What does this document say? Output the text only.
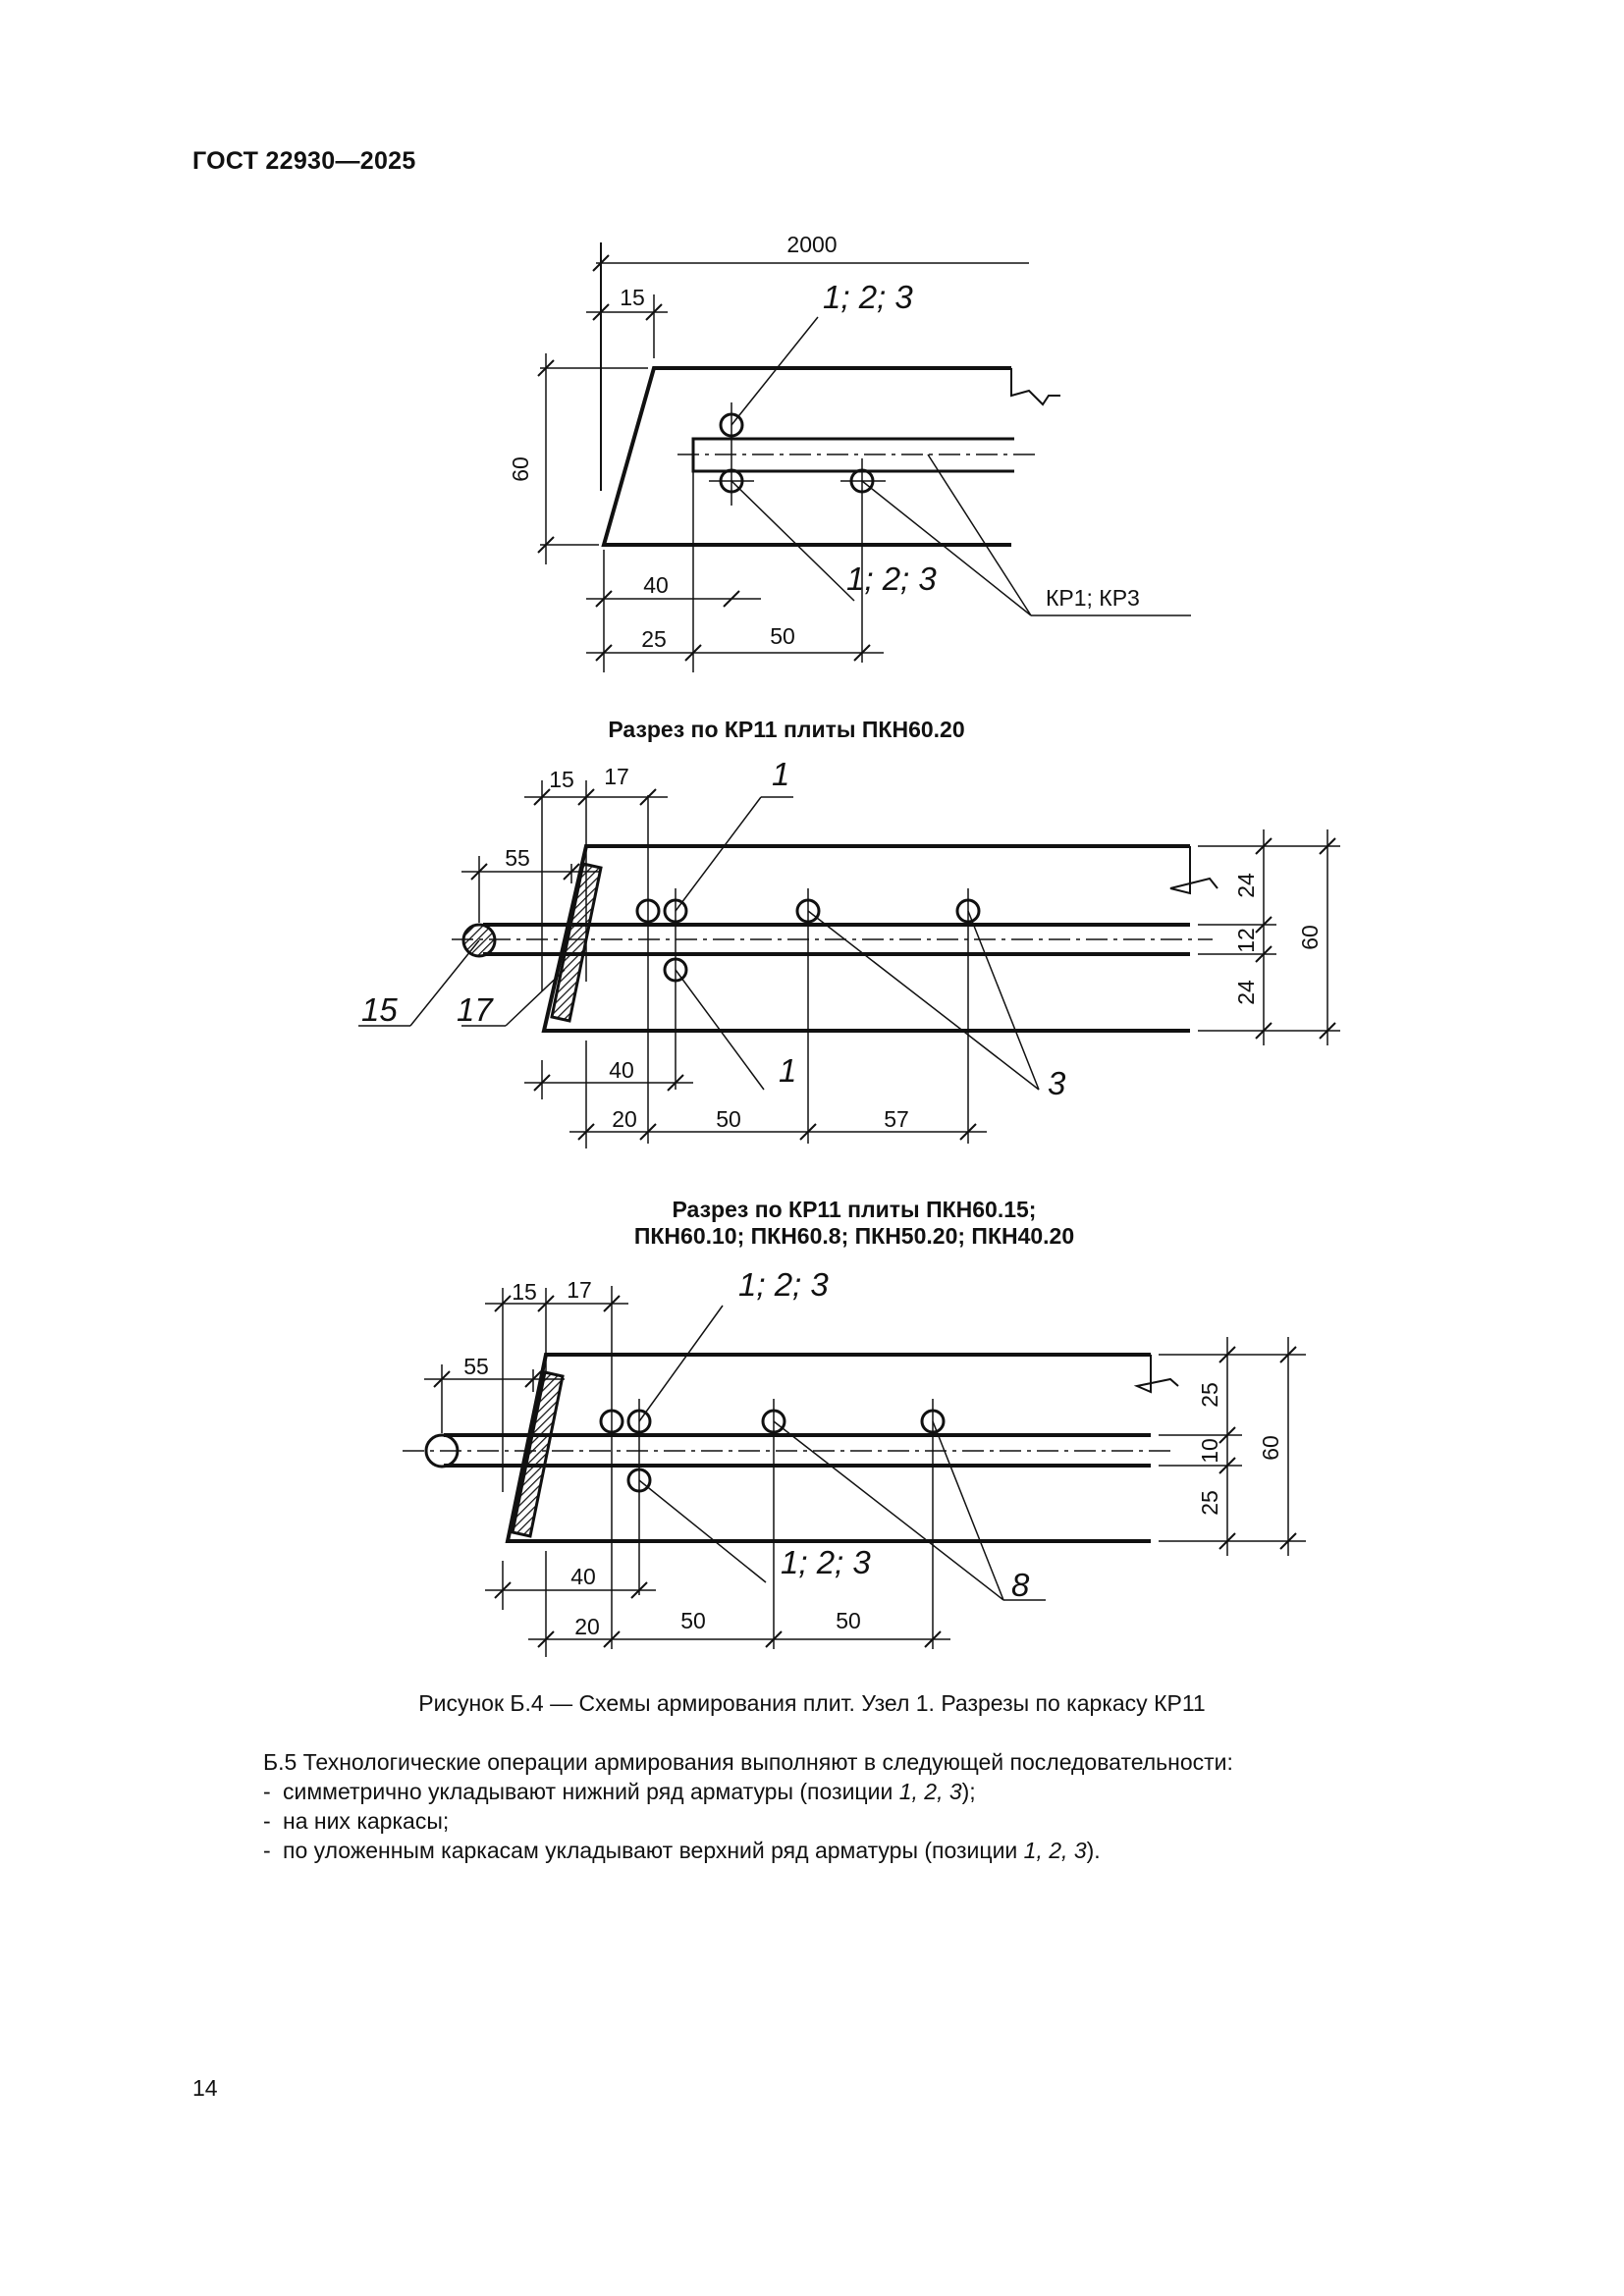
ГОСТ 22930—2025
2000
15
60
40
25	50
1; 2; 3
1; 2; 3
КР1; КР3
Разрез по КР11 плиты ПКН60.20
15 17
55
24
12
24
60
40
20	50	57
1
1	3
15 17
Разрез по КР11 плиты ПКН60.15;
ПКН60.10; ПКН60.8; ПКН50.20; ПКН40.20
15 17
55
25
10
25
60
40
20	50	50
1; 2; 3
1; 2; 3
8
Рисунок Б.4 — Схемы армирования плит. Узел 1. Разрезы по каркасу КР11
Б.5 Технологические операции армирования выполняют в следующей последовательности:
- симметрично укладывают нижний ряд арматуры (позиции 1, 2, 3);
- на них каркасы;
- по уложенным каркасам укладывают верхний ряд арматуры (позиции 1, 2, 3).
14
